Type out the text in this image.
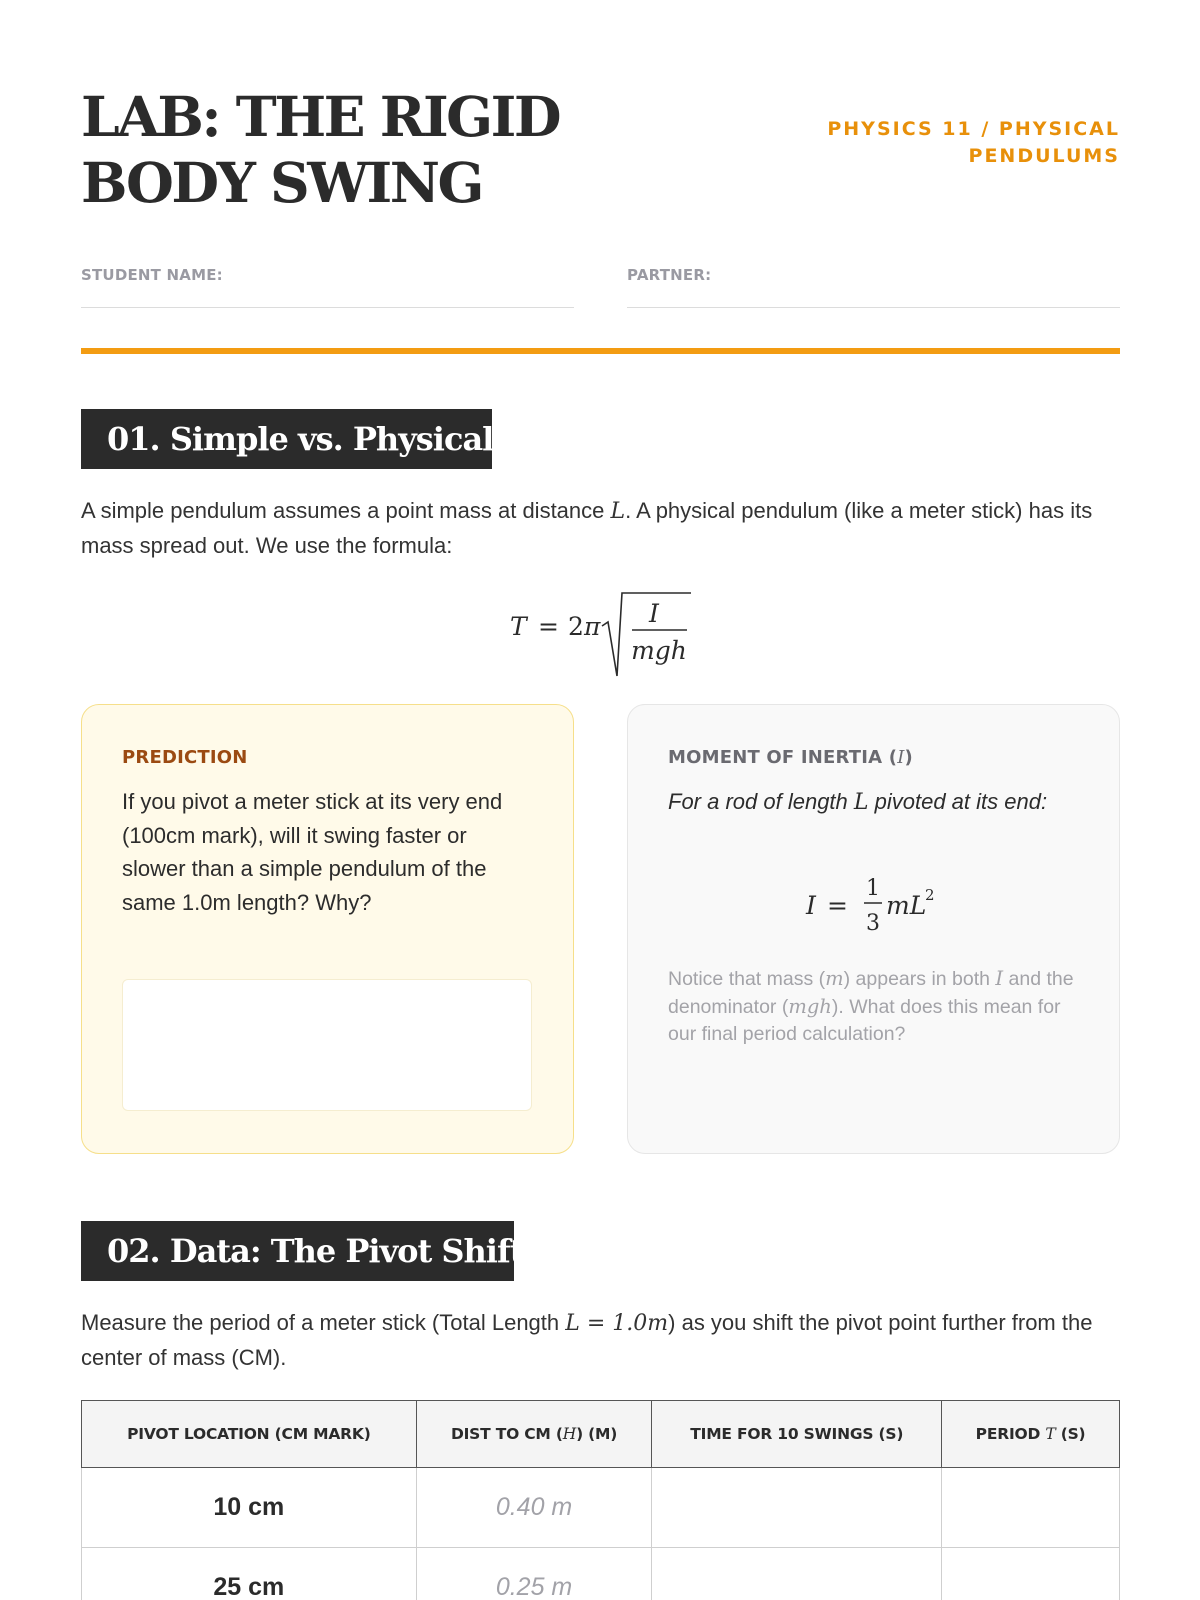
LAB: THE RIGID BODY SWING
PHYSICS 11 / PHYSICAL PENDULUMS
STUDENT NAME:	PARTNER:
01. Simple vs. Physical

A simple pendulum assumes a point mass at distance L. A physical pendulum (like a meter stick) has its mass spread out. We use the formula:

T = 2 π I
mgh
PREDICTION
If you pivot a meter stick at its very end (100cm mark), will it swing faster or slower than a simple pendulum of the same 1.0m length? Why?
MOMENT OF INERTIA (I)
For a rod of length L pivoted at its end:
I =
1
3
mL
2
Notice that mass (m) appears in both I and the denominator (mgh). What does this mean for our final period calculation?
02. Data: The Pivot Shift

Measure the period of a meter stick (Total Length L = 1.0m) as you shift the pivot point further from the center of mass (CM).

PIVOT LOCATION (CM MARK)	DIST TO CM (H) (M)	TIME FOR 10 SWINGS (S)	PERIOD T (S)
10 cm	0.40 m		
25 cm	0.25 m		
